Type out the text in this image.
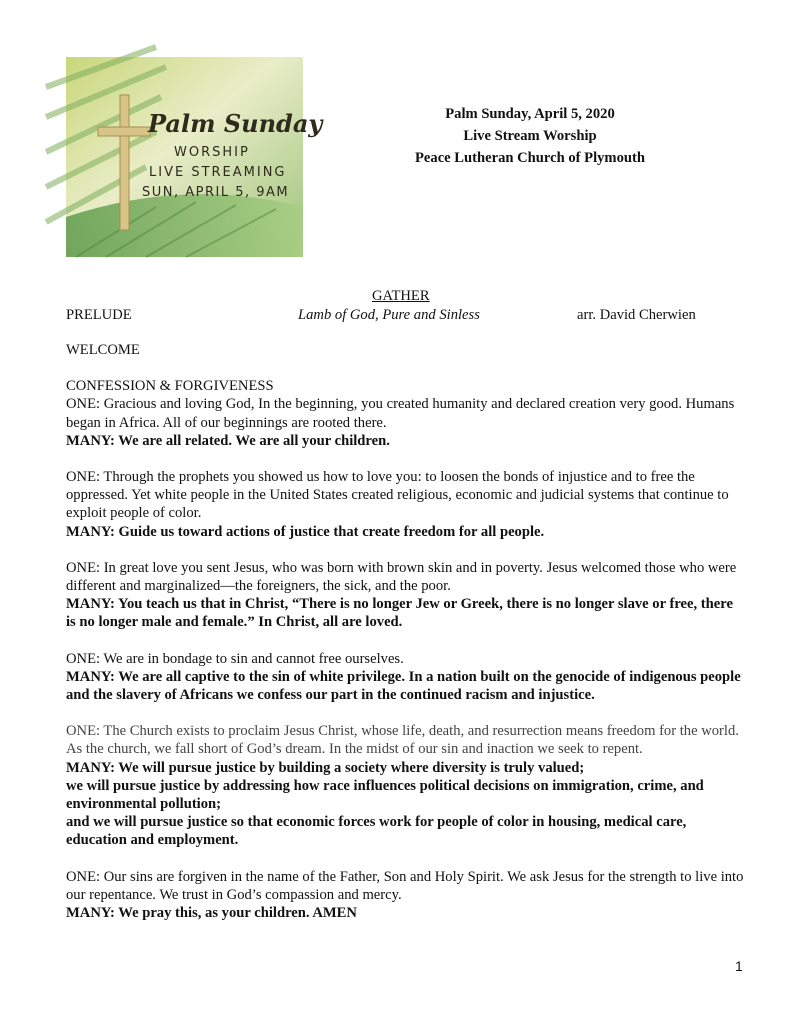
Palm Sunday
WORSHIP
LIVE STREAMING
SUN, APRIL 5, 9AM
Palm Sunday, April 5, 2020
Live Stream Worship
Peace Lutheran Church of Plymouth
GATHER
PRELUDE	Lamb of God, Pure and Sinless	arr. David Cherwien

WELCOME

CONFESSION & FORGIVENESS
ONE: Gracious and loving God, In the beginning, you created humanity and declared creation very good. Humans began in Africa. All of our beginnings are rooted there.
MANY: We are all related. We are all your children.

ONE: Through the prophets you showed us how to love you: to loosen the bonds of injustice and to free the oppressed. Yet white people in the United States created religious, economic and judicial systems that continue to exploit people of color.
MANY: Guide us toward actions of justice that create freedom for all people.

ONE: In great love you sent Jesus, who was born with brown skin and in poverty. Jesus welcomed those who were different and marginalized—the foreigners, the sick, and the poor.
MANY: You teach us that in Christ, “There is no longer Jew or Greek, there is no longer slave or free, there is no longer male and female.” In Christ, all are loved.

ONE: We are in bondage to sin and cannot free ourselves.
MANY: We are all captive to the sin of white privilege. In a nation built on the genocide of indigenous people and the slavery of Africans we confess our part in the continued racism and injustice.

ONE: The Church exists to proclaim Jesus Christ, whose life, death, and resurrection means freedom for the world. As the church, we fall short of God’s dream. In the midst of our sin and inaction we seek to repent.
MANY: We will pursue justice by building a society where diversity is truly valued;
we will pursue justice by addressing how race influences political decisions on immigration, crime, and environmental pollution;
and we will pursue justice so that economic forces work for people of color in housing, medical care, education and employment.

ONE: Our sins are forgiven in the name of the Father, Son and Holy Spirit. We ask Jesus for the strength to live into our repentance. We trust in God’s compassion and mercy.
MANY: We pray this, as your children. AMEN

1
